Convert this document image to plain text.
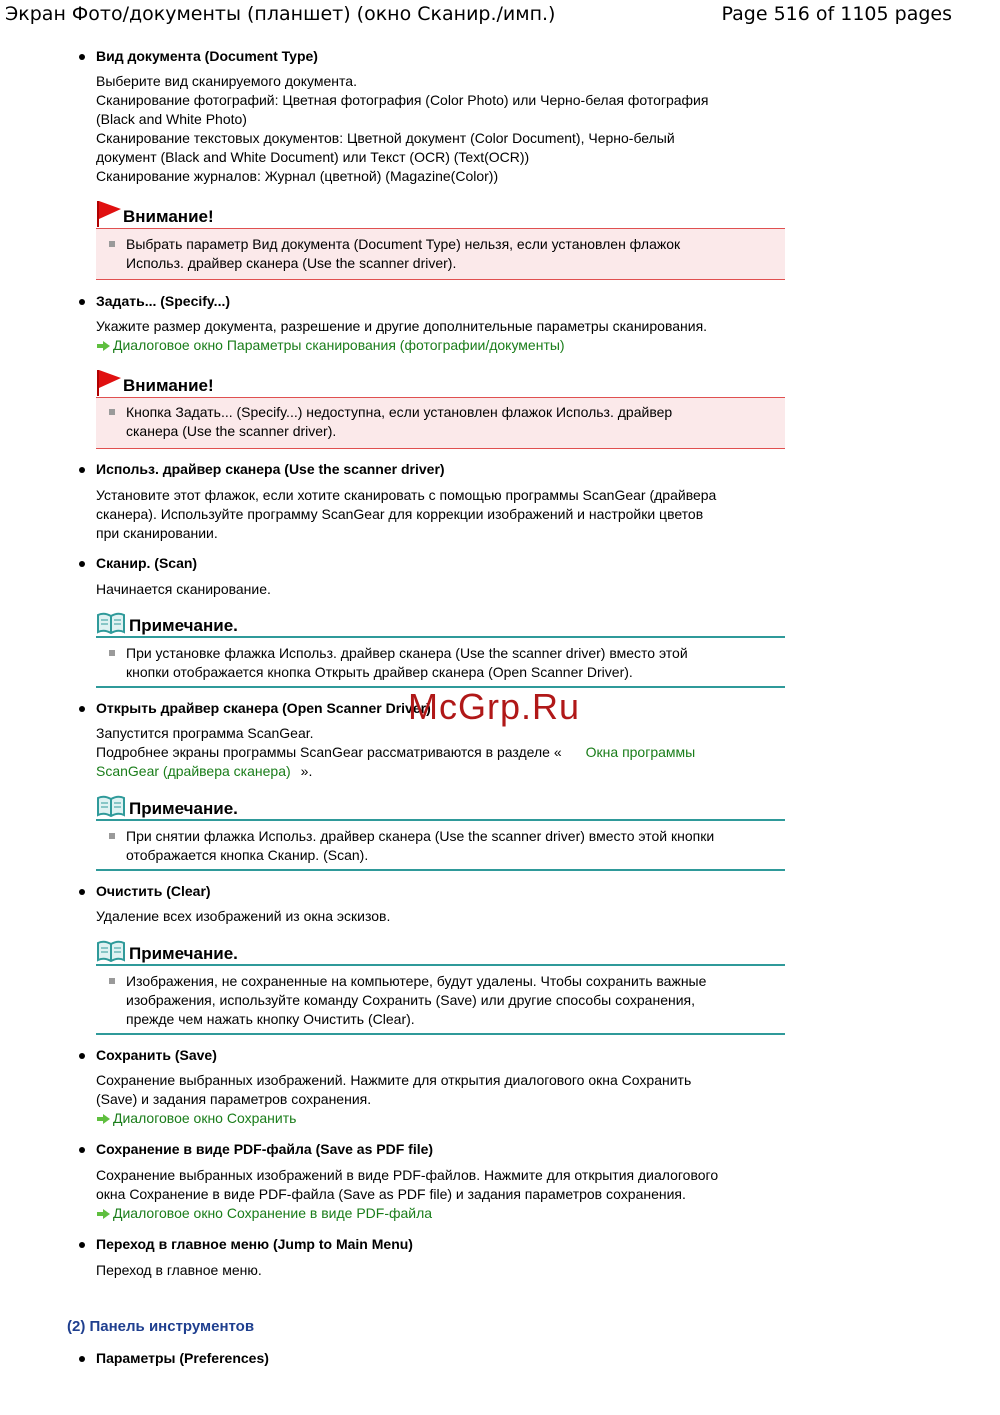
Экран Фото/документы (планшет) (окно Сканир./имп.)	Page 516 of 1105 pages
Вид документа (Document Type)
Выберите вид сканируемого документа.
Сканирование фотографий: Цветная фотография (Color Photo) или Черно-белая фотография
(Black and White Photo)
Сканирование текстовых документов: Цветной документ (Color Document), Черно-белый
документ (Black and White Document) или Текст (OCR) (Text(OCR))
Сканирование журналов: Журнал (цветной) (Magazine(Color))
Внимание!
Выбрать параметр Вид документа (Document Type) нельзя, если установлен флажок
Использ. драйвер сканера (Use the scanner driver).
Задать... (Specify...)
Укажите размер документа, разрешение и другие дополнительные параметры сканирования.
Диалоговое окно Параметры сканирования (фотографии/документы)
Внимание!
Кнопка Задать... (Specify...) недоступна, если установлен флажок Использ. драйвер
сканера (Use the scanner driver).
Использ. драйвер сканера (Use the scanner driver)
Установите этот флажок, если хотите сканировать с помощью программы ScanGear (драйвера
сканера). Используйте программу ScanGear для коррекции изображений и настройки цветов
при сканировании.
Сканир. (Scan)
Начинается сканирование.
Примечание.
При установке флажка Использ. драйвер сканера (Use the scanner driver) вместо этой
кнопки отображается кнопка Открыть драйвер сканера (Open Scanner Driver).
Открыть драйвер сканера (Open Scanner Driver)
Запустится программа ScanGear.
Подробнее экраны программы ScanGear рассматриваются в разделе « Окна программы
ScanGear (драйвера сканера) ».
Примечание.
При снятии флажка Использ. драйвер сканера (Use the scanner driver) вместо этой кнопки
отображается кнопка Сканир. (Scan).
Очистить (Clear)
Удаление всех изображений из окна эскизов.
Примечание.
Изображения, не сохраненные на компьютере, будут удалены. Чтобы сохранить важные
изображения, используйте команду Сохранить (Save) или другие способы сохранения,
прежде чем нажать кнопку Очистить (Clear).
Сохранить (Save)
Сохранение выбранных изображений. Нажмите для открытия диалогового окна Сохранить
(Save) и задания параметров сохранения.
Диалоговое окно Сохранить
Сохранение в виде PDF-файла (Save as PDF file)
Сохранение выбранных изображений в виде PDF-файлов. Нажмите для открытия диалогового
окна Сохранение в виде PDF-файла (Save as PDF file) и задания параметров сохранения.
Диалоговое окно Сохранение в виде PDF-файла
Переход в главное меню (Jump to Main Menu)
Переход в главное меню.
(2) Панель инструментов
Параметры (Preferences)
McGrp.Ru
